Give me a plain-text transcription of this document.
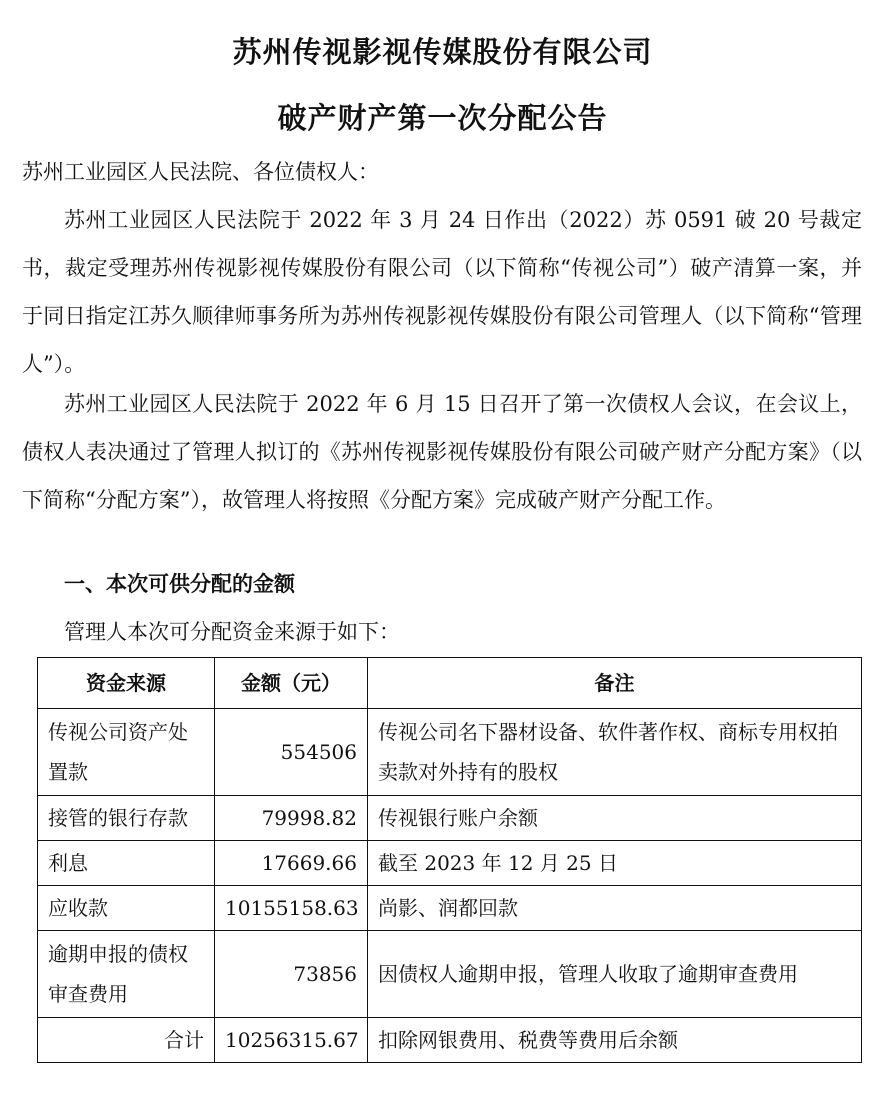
苏州传视影视传媒股份有限公司
破产财产第一次分配公告
苏州工业园区人民法院、各位债权人：
苏州工业园区人民法院于 2022 年 3 月 24 日作出（2022）苏 0591 破 20 号裁定书，裁定受理苏州传视影视传媒股份有限公司（以下简称“传视公司”）破产清算一案，并于同日指定江苏久顺律师事务所为苏州传视影视传媒股份有限公司管理人（以下简称“管理人”）。
苏州工业园区人民法院于 2022 年 6 月 15 日召开了第一次债权人会议，在会议上，债权人表决通过了管理人拟订的《苏州传视影视传媒股份有限公司破产财产分配方案》（以下简称“分配方案”），故管理人将按照《分配方案》完成破产财产分配工作。
一、本次可供分配的金额
管理人本次可分配资金来源于如下：
资金来源	金额（元）	备注
传视公司资产处置款	554506	传视公司名下器材设备、软件著作权、商标专用权拍卖款对外持有的股权
接管的银行存款	79998.82	传视银行账户余额
利息	17669.66	截至 2023 年 12 月 25 日
应收款	10155158.63	尚影、润都回款
逾期申报的债权审查费用	73856	因债权人逾期申报，管理人收取了逾期审查费用
合计	10256315.67	扣除网银费用、税费等费用后余额
